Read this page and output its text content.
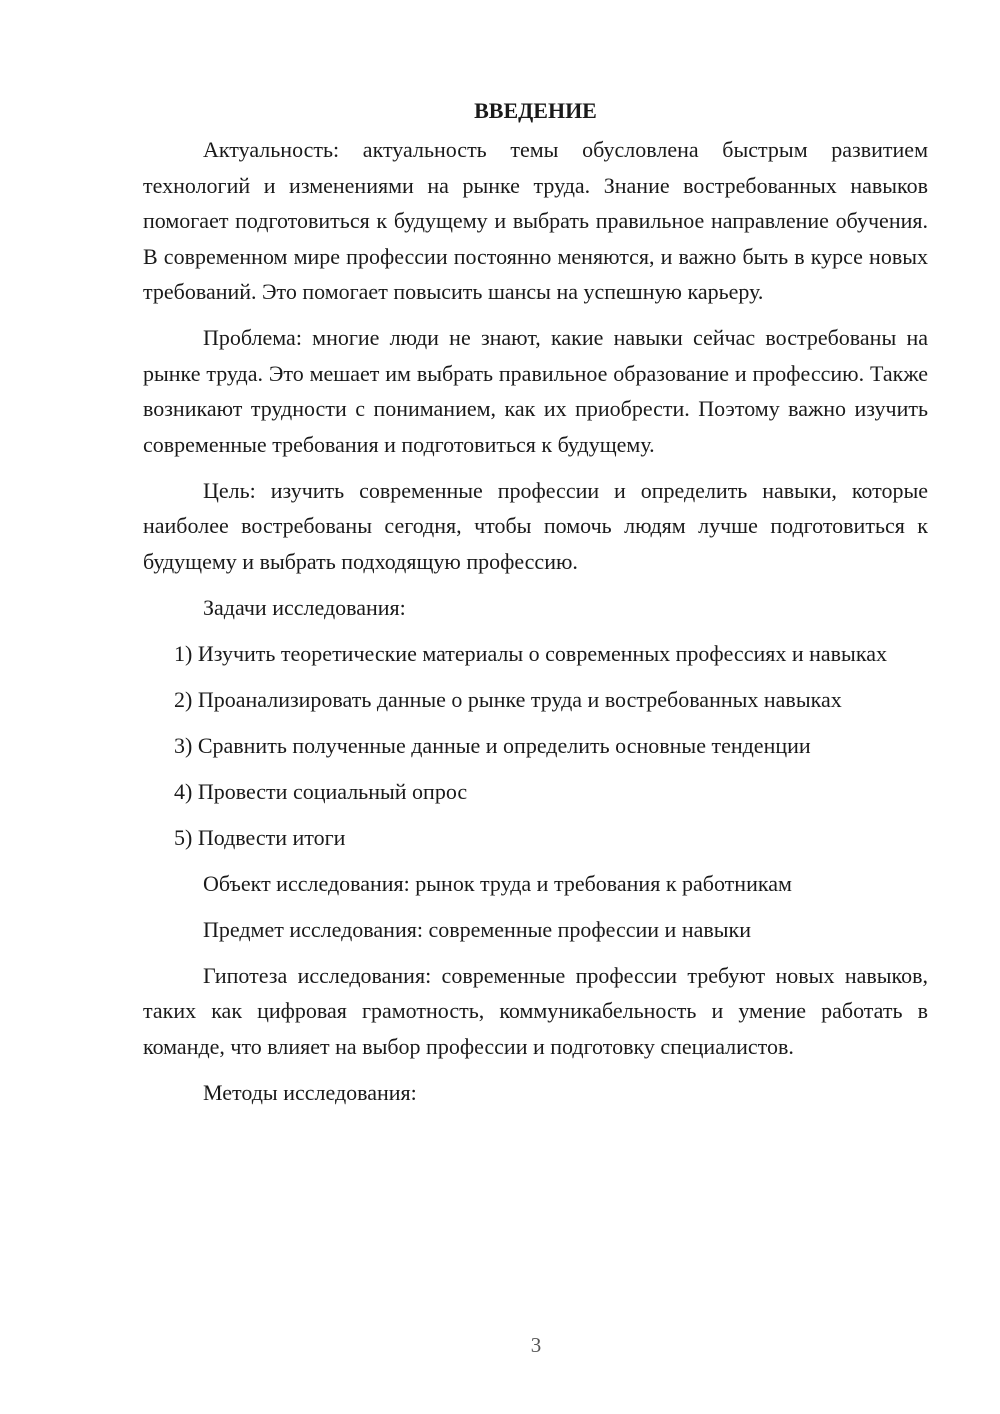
ВВЕДЕНИЕ

Актуальность: актуальность темы обусловлена быстрым развитием технологий и изменениями на рынке труда. Знание востребованных навыков помогает подготовиться к будущему и выбрать правильное направление обучения. В современном мире профессии постоянно меняются, и важно быть в курсе новых требований. Это помогает повысить шансы на успешную карьеру.

Проблема: многие люди не знают, какие навыки сейчас востребованы на рынке труда. Это мешает им выбрать правильное образование и профессию. Также возникают трудности с пониманием, как их приобрести. Поэтому важно изучить современные требования и подготовиться к будущему.

Цель: изучить современные профессии и определить навыки, которые наиболее востребованы сегодня, чтобы помочь людям лучше подготовиться к будущему и выбрать подходящую профессию.

Задачи исследования:

1) Изучить теоретические материалы о современных профессиях и навыках

2) Проанализировать данные о рынке труда и востребованных навыках

3) Сравнить полученные данные и определить основные тенденции

4) Провести социальный опрос

5) Подвести итоги

Объект исследования: рынок труда и требования к работникам

Предмет исследования: современные профессии и навыки

Гипотеза исследования: современные профессии требуют новых навыков, таких как цифровая грамотность, коммуникабельность и умение работать в команде, что влияет на выбор профессии и подготовку специалистов.

Методы исследования:

3
